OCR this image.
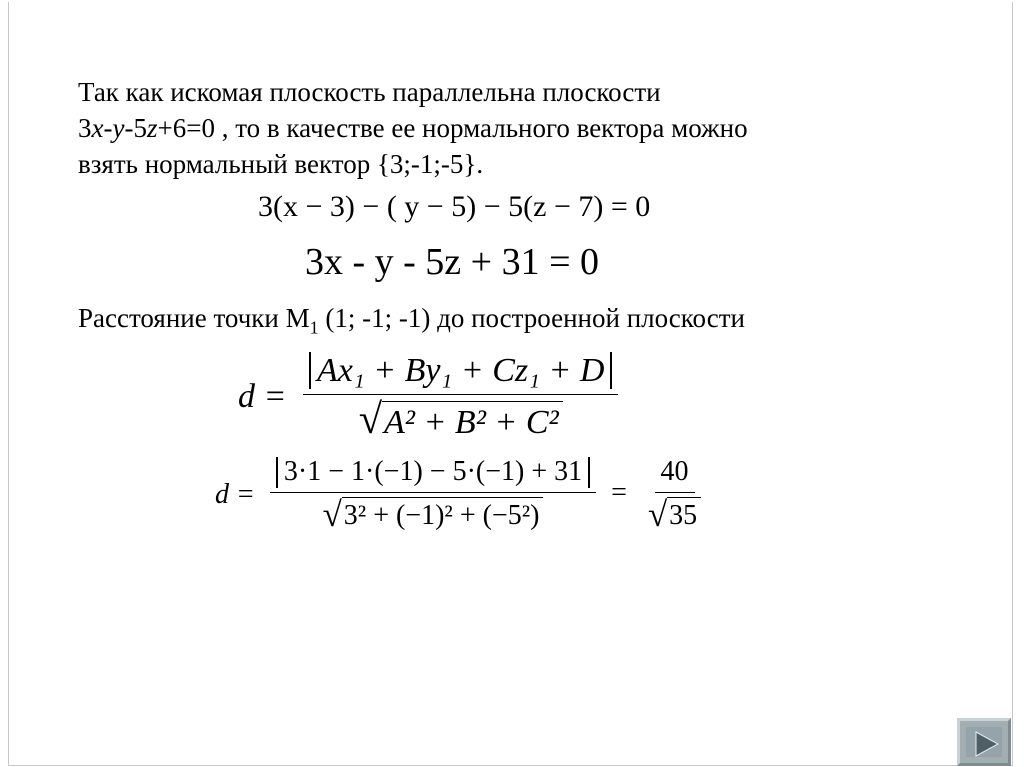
Так как искомая плоскость параллельна плоскости
3x-y-5z+6=0 , то в качестве ее нормального вектора можно
взять нормальный вектор {3;-1;-5}.
3(x − 3) − ( y − 5) − 5(z − 7) = 0
3x - y - 5z + 31 = 0
Расстояние точки $М_1$ (1; -1; -1) до построенной плоскости
$d = \frac{\text{Ax₁ + By₁ + Cz₁ + D}}{\text{√ A² + B² + C²}}$
$d = \frac{3\cdot 1 - 1\cdot(-1) - 5\cdot(-1) + 31}{\text{√ 3² + (−1)² + (−5²)}} = \frac{40}{√ 35}$
